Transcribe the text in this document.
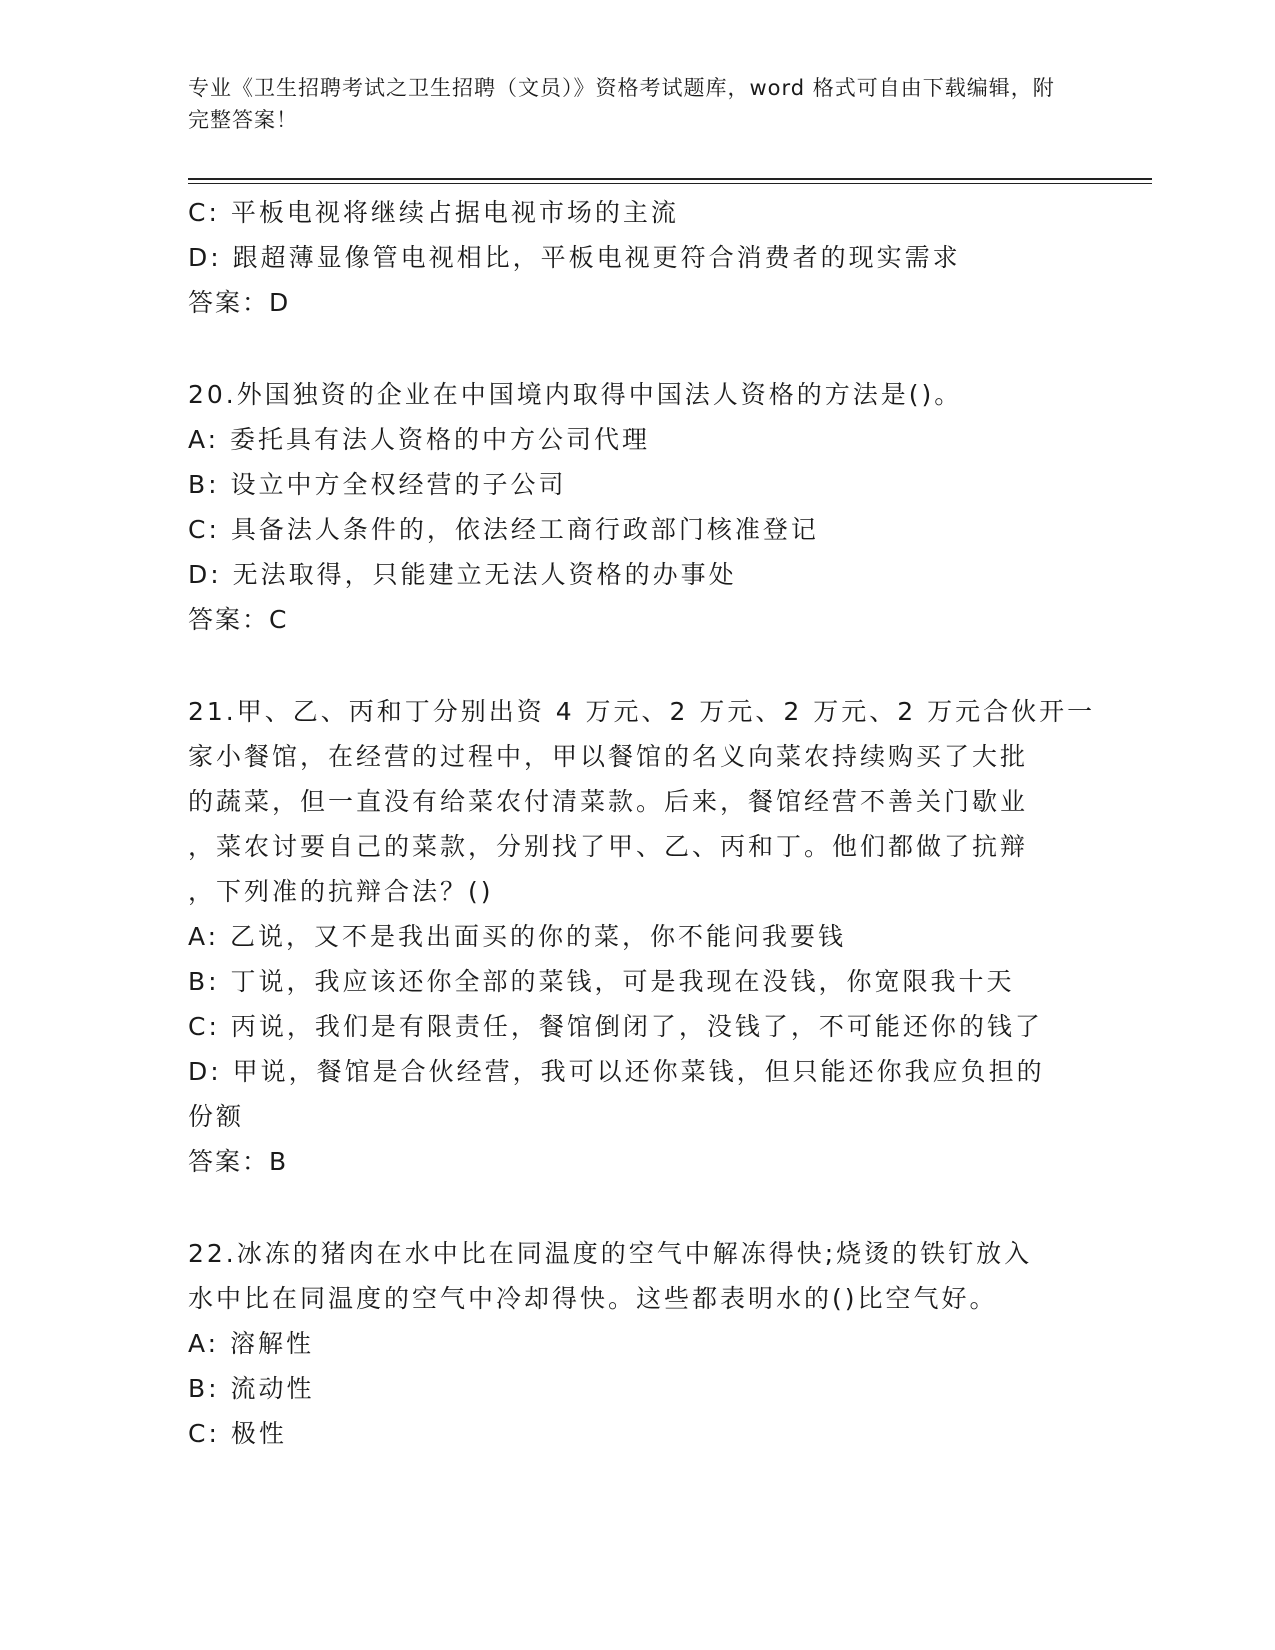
专业《卫生招聘考试之卫生招聘（文员）》资格考试题库，word 格式可自由下载编辑，附完整答案！
C: 平板电视将继续占据电视市场的主流
D: 跟超薄显像管电视相比，平板电视更符合消费者的现实需求
答案：D
20.外国独资的企业在中国境内取得中国法人资格的方法是()。
A: 委托具有法人资格的中方公司代理
B: 设立中方全权经营的子公司
C: 具备法人条件的，依法经工商行政部门核准登记
D: 无法取得，只能建立无法人资格的办事处
答案：C
21.甲、乙、丙和丁分别出资 4 万元、2 万元、2 万元、2 万元合伙开一
家小餐馆，在经营的过程中，甲以餐馆的名义向菜农持续购买了大批
的蔬菜，但一直没有给菜农付清菜款。后来，餐馆经营不善关门歇业
，菜农讨要自己的菜款，分别找了甲、乙、丙和丁。他们都做了抗辩
，下列准的抗辩合法？()
A: 乙说，又不是我出面买的你的菜，你不能问我要钱
B: 丁说，我应该还你全部的菜钱，可是我现在没钱，你宽限我十天
C: 丙说，我们是有限责任，餐馆倒闭了，没钱了，不可能还你的钱了
D: 甲说，餐馆是合伙经营，我可以还你菜钱，但只能还你我应负担的
份额
答案：B
22.冰冻的猪肉在水中比在同温度的空气中解冻得快;烧烫的铁钉放入
水中比在同温度的空气中冷却得快。这些都表明水的()比空气好。
A: 溶解性
B: 流动性
C: 极性
